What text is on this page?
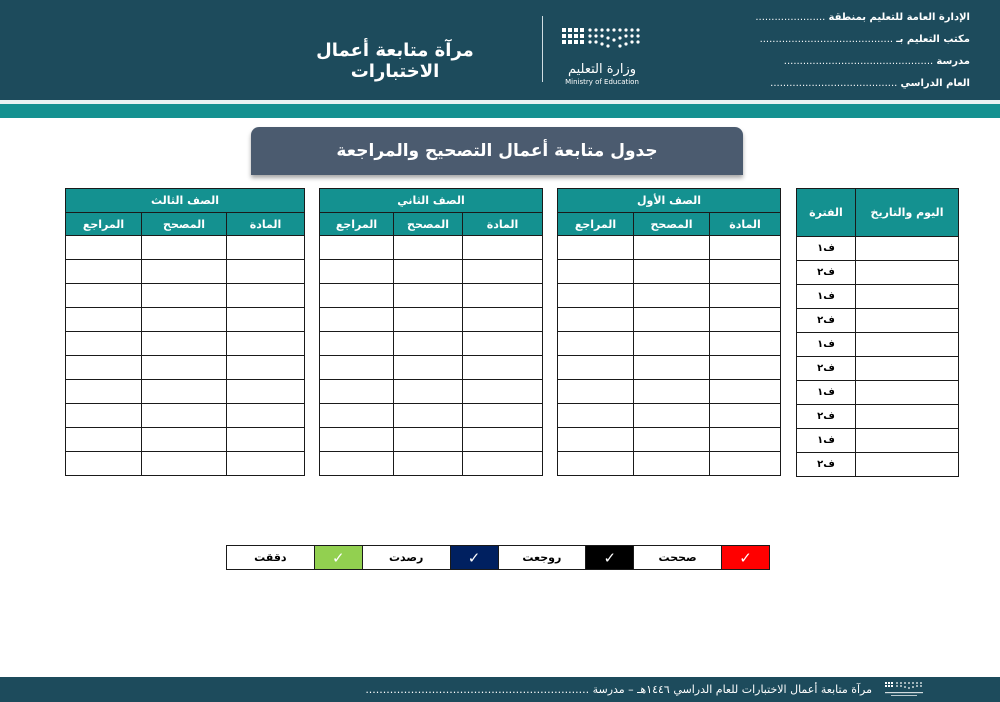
الإدارة العامة للتعليم بمنطقة ......................
مكتب التعليم بـ ..........................................
مدرسة ...............................................
العام الدراسي ........................................
وزارة التعليم
Ministry of Education
مرآة متابعة أعمال الاختبارات
جدول متابعة أعمال التصحيح والمراجعة
اليوم والتاريخ	الفترة

	ف١
	ف٢
	ف١
	ف٢
	ف١
	ف٢
	ف١
	ف٢
	ف١
	ف٢
الصف الأول		
المادة	المصحح	المراجع

الصف الثاني		
المادة	المصحح	المراجع

الصف الثالث		
المادة	المصحح	المراجع

✓	صححت	✓	روجعت	✓	رصدت	✓	دققت
مرآة متابعة أعمال الاختبارات للعام الدراسي ١٤٤٦هـ – مدرسة ................................................................
